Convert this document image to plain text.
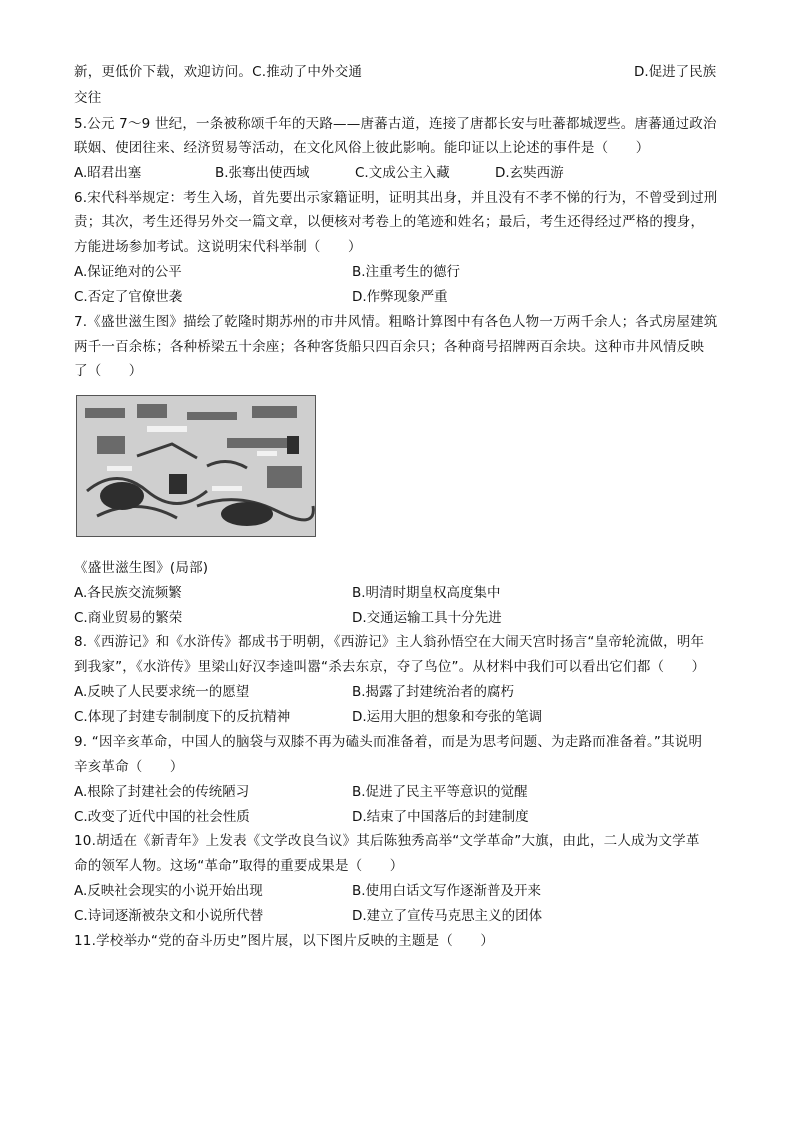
新，更低价下载，欢迎访问。C.推动了中外交通	D.促进了民族
交往
5.公元 7～9 世纪，一条被称颂千年的天路——唐蕃古道，连接了唐都长安与吐蕃都城逻些。唐蕃通过政治
联姻、使团往来、经济贸易等活动，在文化风俗上彼此影响。能印证以上论述的事件是（　　）
A.昭君出塞	B.张骞出使西域	C.文成公主入藏	D.玄奘西游
6.宋代科举规定：考生入场，首先要出示家籍证明，证明其出身，并且没有不孝不悌的行为，不曾受到过刑
责；其次，考生还得另外交一篇文章，以便核对考卷上的笔迹和姓名；最后，考生还得经过严格的搜身，
方能进场参加考试。这说明宋代科举制（　　）
A.保证绝对的公平	B.注重考生的德行
C.否定了官僚世袭	D.作弊现象严重
7.《盛世滋生图》描绘了乾隆时期苏州的市井风情。粗略计算图中有各色人物一万两千余人；各式房屋建筑
两千一百余栋；各种桥梁五十余座；各种客货船只四百余只；各种商号招牌两百余块。这种市井风情反映
了（　　）
《盛世滋生图》(局部)
A.各民族交流频繁	B.明清时期皇权高度集中
C.商业贸易的繁荣	D.交通运输工具十分先进
8.《西游记》和《水浒传》都成书于明朝，《西游记》主人翁孙悟空在大闹天宫时扬言“皇帝轮流做，明年
到我家”，《水浒传》里梁山好汉李逵叫嚣“杀去东京，夺了鸟位”。从材料中我们可以看出它们都（　　）
A.反映了人民要求统一的愿望	B.揭露了封建统治者的腐朽
C.体现了封建专制制度下的反抗精神	D.运用大胆的想象和夸张的笔调
9. “因辛亥革命，中国人的脑袋与双膝不再为磕头而准备着，而是为思考问题、为走路而准备着。”其说明
辛亥革命（　　）
A.根除了封建社会的传统陋习	B.促进了民主平等意识的觉醒
C.改变了近代中国的社会性质	D.结束了中国落后的封建制度
10.胡适在《新青年》上发表《文学改良刍议》其后陈独秀高举“文学革命”大旗，由此，二人成为文学革
命的领军人物。这场“革命”取得的重要成果是（　　）
A.反映社会现实的小说开始出现	B.使用白话文写作逐渐普及开来
C.诗词逐渐被杂文和小说所代替	D.建立了宣传马克思主义的团体
11.学校举办“党的奋斗历史”图片展，以下图片反映的主题是（　　）
